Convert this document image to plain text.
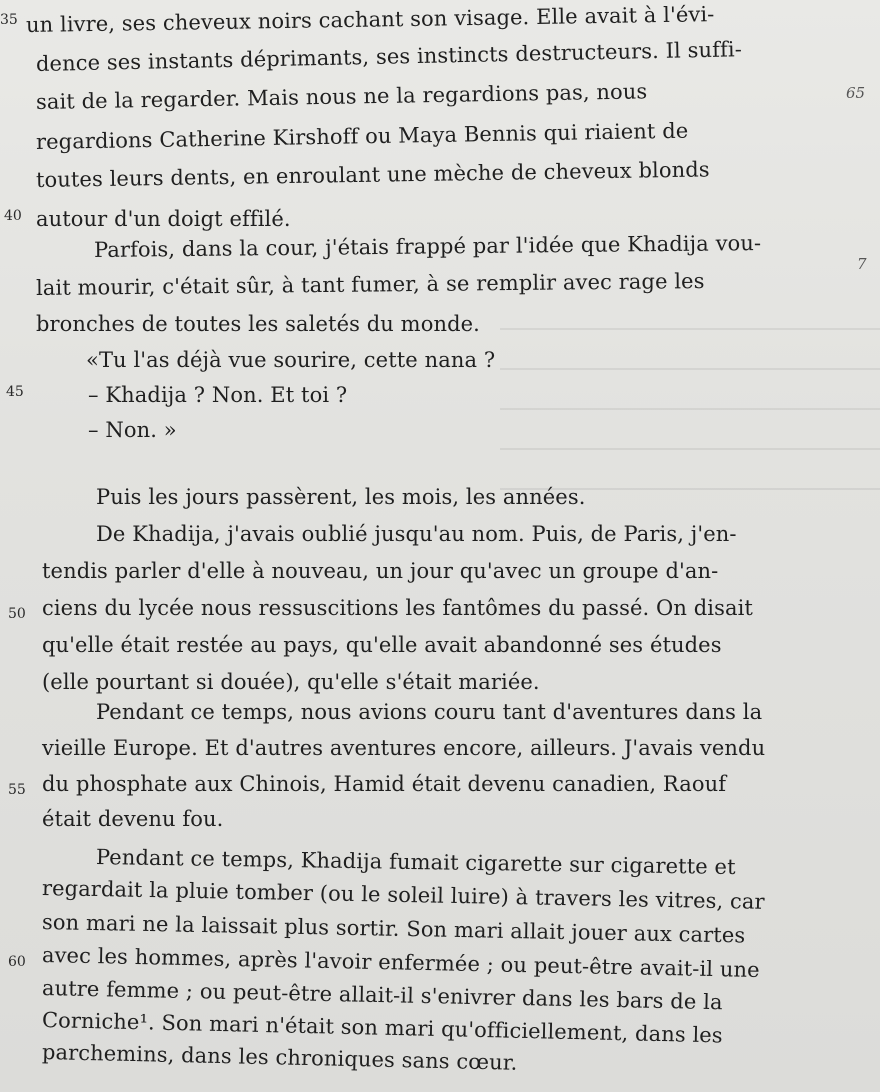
35
40
45
50
55
60
65
7
un livre, ses cheveux noirs cachant son visage. Elle avait à l'évi-
dence ses instants déprimants, ses instincts destructeurs. Il suffi-
sait de la regarder. Mais nous ne la regardions pas, nous
regardions Catherine Kirshoff ou Maya Bennis qui riaient de
toutes leurs dents, en enroulant une mèche de cheveux blonds
autour d'un doigt effilé.
Parfois, dans la cour, j'étais frappé par l'idée que Khadija vou-
lait mourir, c'était sûr, à tant fumer, à se remplir avec rage les
bronches de toutes les saletés du monde.
«Tu l'as déjà vue sourire, cette nana ?
– Khadija ? Non. Et toi ?
– Non. »
Puis les jours passèrent, les mois, les années.
De Khadija, j'avais oublié jusqu'au nom. Puis, de Paris, j'en-
tendis parler d'elle à nouveau, un jour qu'avec un groupe d'an-
ciens du lycée nous ressuscitions les fantômes du passé. On disait
qu'elle était restée au pays, qu'elle avait abandonné ses études
(elle pourtant si douée), qu'elle s'était mariée.
Pendant ce temps, nous avions couru tant d'aventures dans la
vieille Europe. Et d'autres aventures encore, ailleurs. J'avais vendu
du phosphate aux Chinois, Hamid était devenu canadien, Raouf
était devenu fou.
Pendant ce temps, Khadija fumait cigarette sur cigarette et
regardait la pluie tomber (ou le soleil luire) à travers les vitres, car
son mari ne la laissait plus sortir. Son mari allait jouer aux cartes
avec les hommes, après l'avoir enfermée ; ou peut-être avait-il une
autre femme ; ou peut-être allait-il s'enivrer dans les bars de la
Corniche¹. Son mari n'était son mari qu'officiellement, dans les
parchemins, dans les chroniques sans cœur.
